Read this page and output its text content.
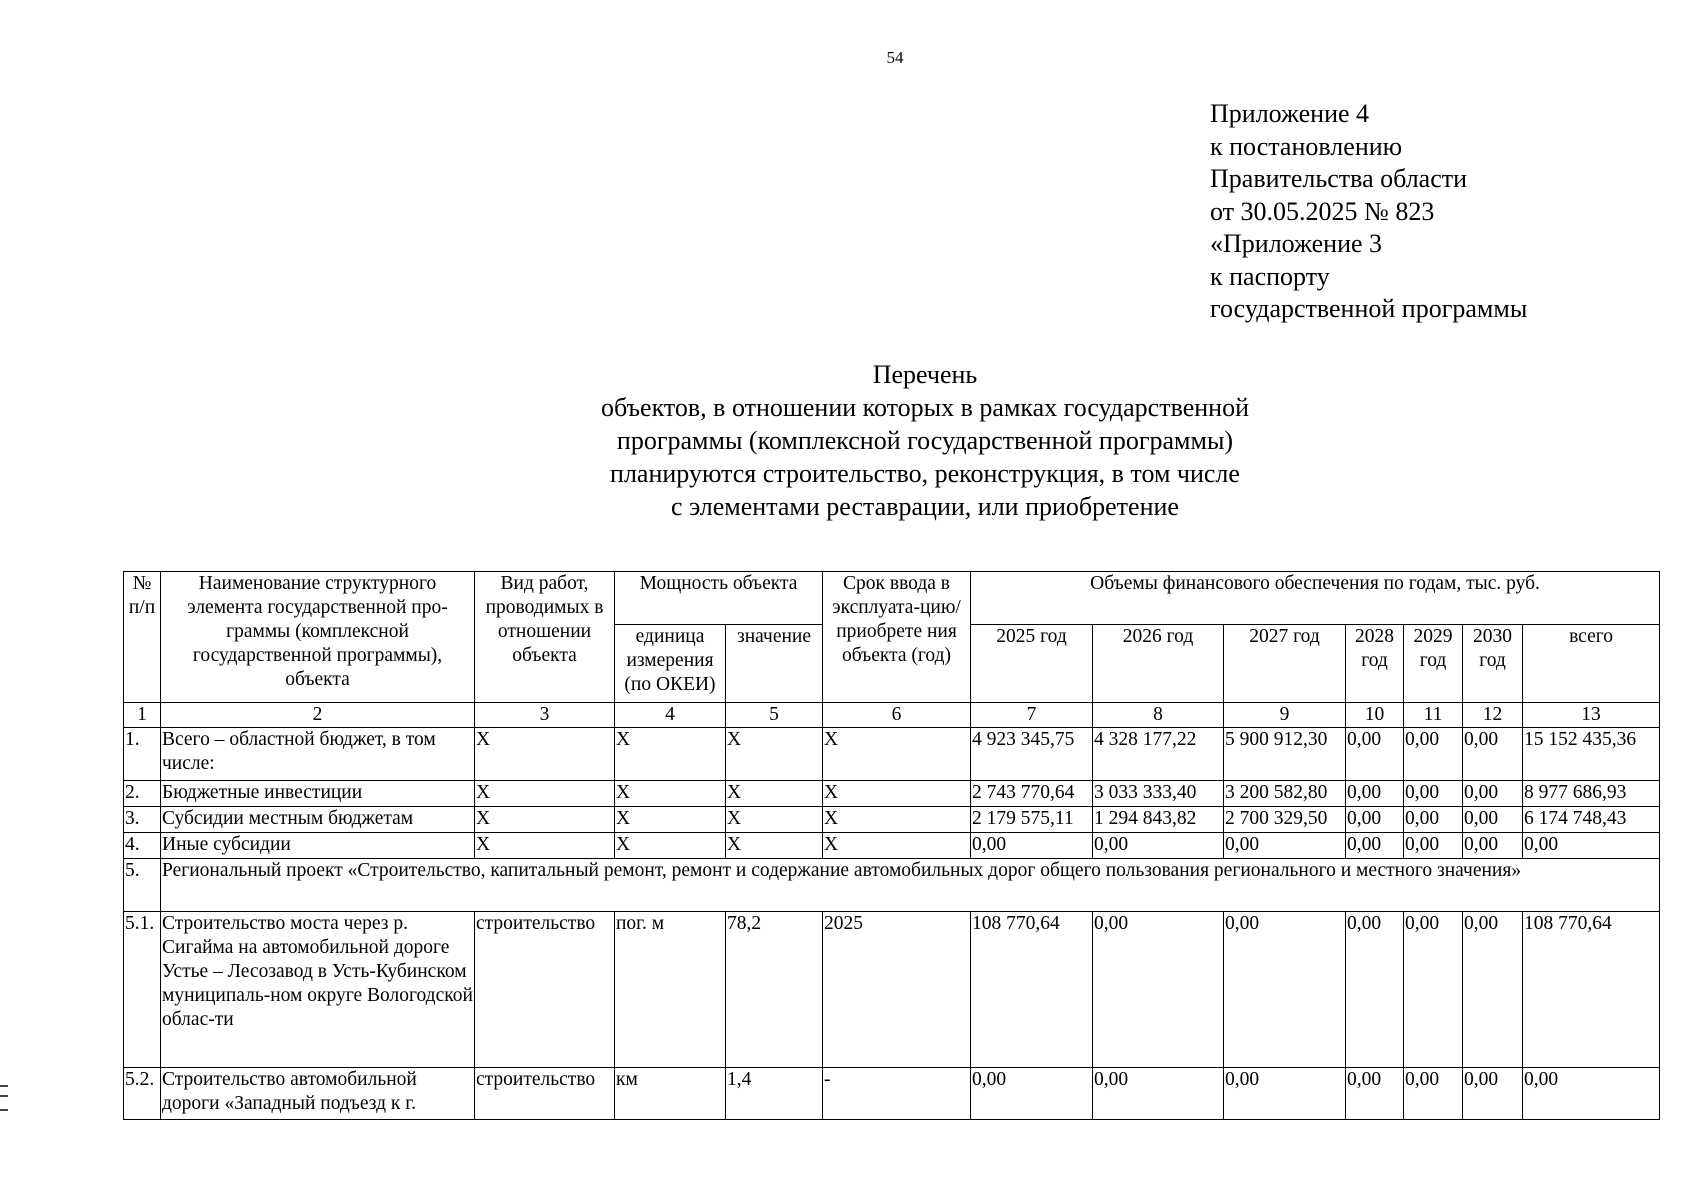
54
Приложение 4
к постановлению
Правительства области
от 30.05.2025 № 823
«Приложение 3
к паспорту
государственной программы
Перечень
объектов, в отношении которых в рамках государственной
программы (комплексной государственной программы)
планируются строительство, реконструкция, в том числе
с элементами реставрации, или приобретение
№ п/п	Наименование структурного элемента государственной про-граммы (комплексной государственной программы), объекта	Вид работ, проводимых в отношении объекта	Мощность объекта		Срок ввода в эксплуата-цию/приобрете ния объекта (год)	Объемы финансового обеспечения по годам, тыс. руб.						
			единица измерения (по ОКЕИ)	значение		2025 год	2026 год	2027 год	2028 год	2029 год	2030 год	всего
1	2	3	4	5	6	7	8	9	10	11	12	13
1.	Всего – областной бюджет, в том числе:	X	X	X	X	4 923 345,75	4 328 177,22	5 900 912,30	0,00	0,00	0,00	15 152 435,36
2.	Бюджетные инвестиции	X	X	X	X	2 743 770,64	3 033 333,40	3 200 582,80	0,00	0,00	0,00	8 977 686,93
3.	Субсидии местным бюджетам	X	X	X	X	2 179 575,11	1 294 843,82	2 700 329,50	0,00	0,00	0,00	6 174 748,43
4.	Иные субсидии	X	X	X	X	0,00	0,00	0,00	0,00	0,00	0,00	0,00
5.	Региональный проект «Строительство, капитальный ремонт, ремонт и содержание автомобильных дорог общего пользования регионального и местного значения»											
5.1.	Строительство моста через р. Сигайма на автомобильной дороге Устье – Лесозавод в Усть-Кубинском муниципаль-ном округе Вологодской облас-ти	строительство	пог. м	78,2	2025	108 770,64	0,00	0,00	0,00	0,00	0,00	108 770,64
5.2.	Строительство автомобильной дороги «Западный подъезд к г.	строительство	км	1,4	-	0,00	0,00	0,00	0,00	0,00	0,00	0,00
